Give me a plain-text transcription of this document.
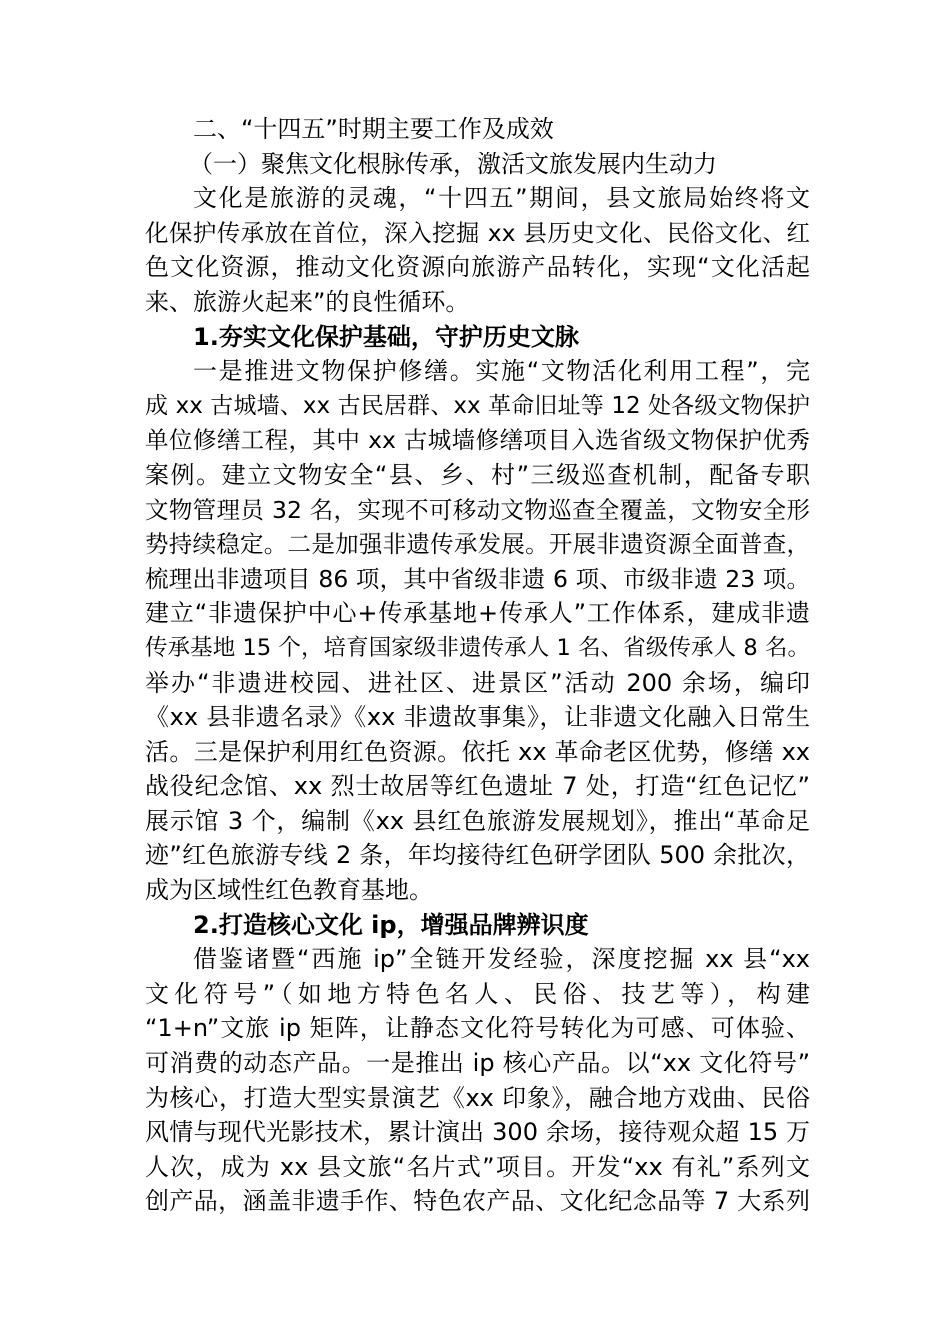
二、“十四五”时期主要工作及成效
（一）聚焦文化根脉传承，激活文旅发展内生动力
文化是旅游的灵魂，“十四五”期间，县文旅局始终将文
化保护传承放在首位，深入挖掘 xx 县历史文化、民俗文化、红
色文化资源，推动文化资源向旅游产品转化，实现“文化活起
来、旅游火起来”的良性循环。
1.夯实文化保护基础，守护历史文脉
一是推进文物保护修缮。实施“文物活化利用工程”，完
成 xx 古城墙、xx 古民居群、xx 革命旧址等 12 处各级文物保护
单位修缮工程，其中 xx 古城墙修缮项目入选省级文物保护优秀
案例。建立文物安全“县、乡、村”三级巡查机制，配备专职
文物管理员 32 名，实现不可移动文物巡查全覆盖，文物安全形
势持续稳定。二是加强非遗传承发展。开展非遗资源全面普查，
梳理出非遗项目 86 项，其中省级非遗 6 项、市级非遗 23 项。
建立“非遗保护中心+传承基地+传承人”工作体系，建成非遗
传承基地 15 个，培育国家级非遗传承人 1 名、省级传承人 8 名。
举办“非遗进校园、进社区、进景区”活动 200 余场，编印
《xx 县非遗名录》《xx 非遗故事集》，让非遗文化融入日常生
活。三是保护利用红色资源。依托 xx 革命老区优势，修缮 xx
战役纪念馆、xx 烈士故居等红色遗址 7 处，打造“红色记忆”
展示馆 3 个，编制《xx 县红色旅游发展规划》，推出“革命足
迹”红色旅游专线 2 条，年均接待红色研学团队 500 余批次，
成为区域性红色教育基地。
2.打造核心文化 ip，增强品牌辨识度
借鉴诸暨“西施 ip”全链开发经验，深度挖掘 xx 县“xx
文化符号”（如地方特色名人、民俗、技艺等），构建
“1+n”文旅 ip 矩阵，让静态文化符号转化为可感、可体验、
可消费的动态产品。一是推出 ip 核心产品。以“xx 文化符号”
为核心，打造大型实景演艺《xx 印象》，融合地方戏曲、民俗
风情与现代光影技术，累计演出 300 余场，接待观众超 15 万
人次，成为 xx 县文旅“名片式”项目。开发“xx 有礼”系列文
创产品，涵盖非遗手作、特色农产品、文化纪念品等 7 大系列
